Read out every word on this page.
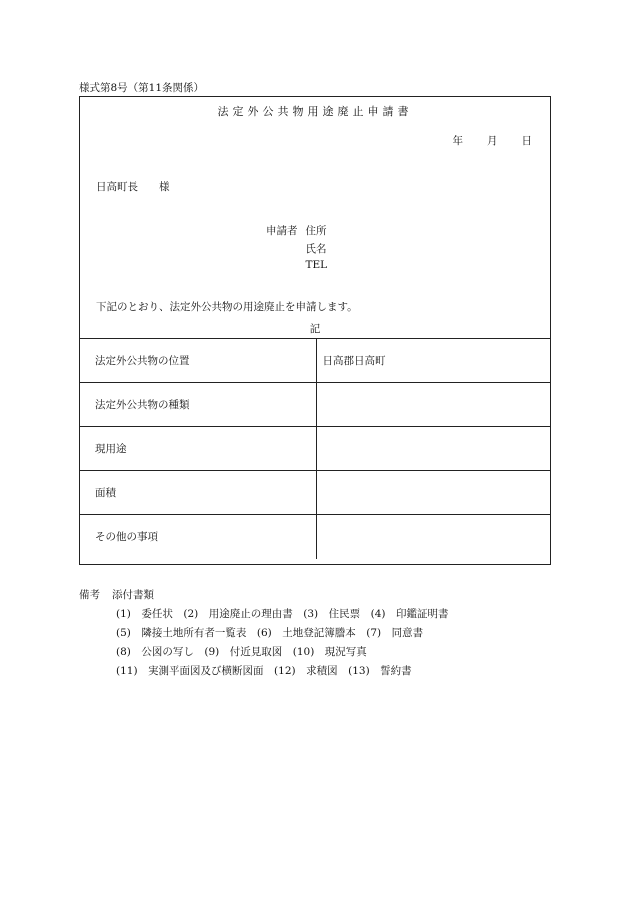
様式第8号（第11条関係）
法定外公共物用途廃止申請書
年 月 日
日高町長　　様
申請者 住所
氏名
TEL
下記のとおり、法定外公共物の用途廃止を申請します。
記
法定外公共物の位置	日高郡日高町
法定外公共物の種類	
現用途	
面積	
その他の事項	
備考 添付書類
(1)　委任状　(2)　用途廃止の理由書　(3)　住民票　(4)　印鑑証明書
(5)　隣接土地所有者一覧表　(6)　土地登記簿謄本　(7)　同意書
(8)　公図の写し　(9)　付近見取図　(10)　現況写真
(11)　実測平面図及び横断図面　(12)　求積図　(13)　誓約書
